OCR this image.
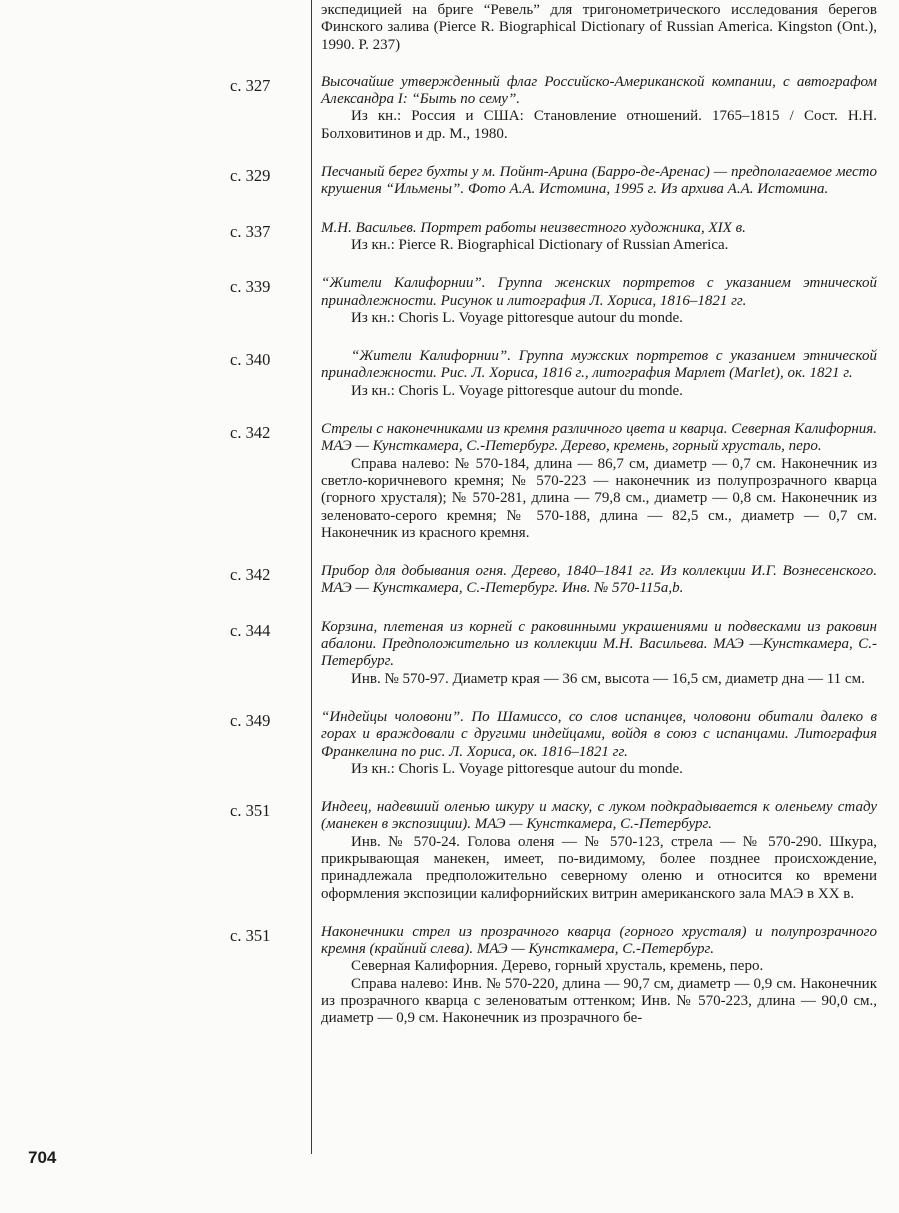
экспедицией на бриге “Ревель” для тригонометрического исследования берегов Финского залива (Pierce R. Biographical Dictionary of Russian America. Kingston (Ont.), 1990. P. 237)

с. 327	Высочайше утвержденный флаг Российско-Американской компании, с автографом Александра I: “Быть по сему”.

Из кн.: Россия и США: Становление отношений. 1765–1815 / Сост. Н.Н. Болховитинов и др. М., 1980.

с. 329	Песчаный берег бухты у м. Пойнт-Арина (Барро-де-Аренас) — предполагаемое место крушения “Ильмены”. Фото А.А. Истомина, 1995 г. Из архива А.А. Истомина.

с. 337	М.Н. Васильев. Портрет работы неизвестного художника, XIX в.

Из кн.: Pierce R. Biographical Dictionary of Russian America.

с. 339	“Жители Калифорнии”. Группа женских портретов с указанием этнической принадлежности. Рисунок и литография Л. Хориса, 1816–1821 гг.

Из кн.: Choris L. Voyage pittoresque autour du monde.

с. 340	“Жители Калифорнии”. Группа мужских портретов с указанием этнической принадлежности. Рис. Л. Хориса, 1816 г., литография Марлет (Marlet), ок. 1821 г.

Из кн.: Choris L. Voyage pittoresque autour du monde.

с. 342	Стрелы с наконечниками из кремня различного цвета и кварца. Северная Калифорния. МАЭ — Кунсткамера, С.-Петербург. Дерево, кремень, горный хрусталь, перо.

Справа налево: № 570-184, длина — 86,7 см, диаметр — 0,7 см. Наконечник из светло-коричневого кремня; № 570-223 — наконечник из полупрозрачного кварца (горного хрусталя); № 570-281, длина — 79,8 см., диаметр — 0,8 см. Наконечник из зеленовато-серого кремня; № 570-188, длина — 82,5 см., диаметр — 0,7 см. Наконечник из красного кремня.

с. 342	Прибор для добывания огня. Дерево, 1840–1841 гг. Из коллекции И.Г. Вознесенского. МАЭ — Кунсткамера, С.-Петербург. Инв. № 570-115a,b.

с. 344	Корзина, плетеная из корней с раковинными украшениями и подвесками из раковин абалони. Предположительно из коллекции М.Н. Васильева. МАЭ —Кунсткамера, С.-Петербург.

Инв. № 570-97. Диаметр края — 36 см, высота — 16,5 см, диаметр дна — 11 см.

с. 349	“Индейцы чоловони”. По Шамиссо, со слов испанцев, чоловони обитали далеко в горах и враждовали с другими индейцами, войдя в союз с испанцами. Литография Франкелина по рис. Л. Хориса, ок. 1816–1821 гг.

Из кн.: Choris L. Voyage pittoresque autour du monde.

с. 351	Индеец, надевший оленью шкуру и маску, с луком подкрадывается к оленьему стаду (манекен в экспозиции). МАЭ — Кунсткамера, С.-Петербург.

Инв. № 570-24. Голова оленя — № 570-123, стрела — № 570-290. Шкура, прикрывающая манекен, имеет, по-видимому, более позднее происхождение, принадлежала предположительно северному оленю и относится ко времени оформления экспозиции калифорнийских витрин американского зала МАЭ в XX в.

с. 351	Наконечники стрел из прозрачного кварца (горного хрусталя) и полупрозрачного кремня (крайний слева). МАЭ — Кунсткамера, С.-Петербург.

Северная Калифорния. Дерево, горный хрусталь, кремень, перо.

Справа налево: Инв. № 570-220, длина — 90,7 см, диаметр — 0,9 см. Наконечник из прозрачного кварца с зеленоватым оттенком; Инв. № 570-223, длина — 90,0 см., диаметр — 0,9 см. Наконечник из прозрачного бе-

704
